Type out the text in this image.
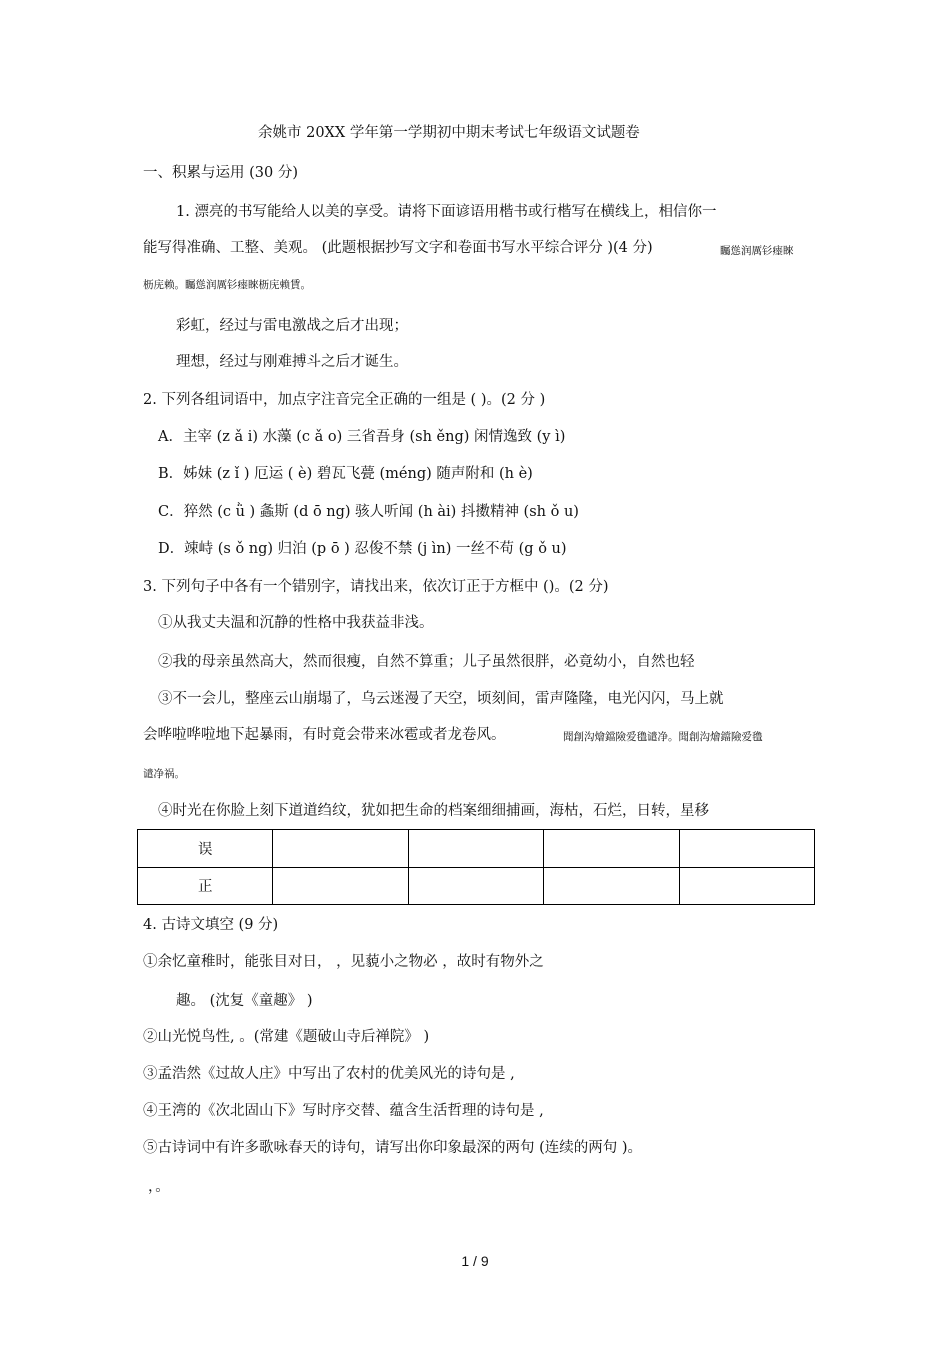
余姚市 20XX 学年第一学期初中期末考试七年级语文试题卷
一、积累与运用 (30 分)
1. 漂亮的书写能给人以美的享受。请将下面谚语用楷书或行楷写在横线上，相信你一
能写得准确、工整、美观。 (此题根据抄写文字和卷面书写水平综合评分 )(4 分)	矚慫润厲钐瘗睞
枥庑赖。矚慫润厲钐瘗睞枥庑赖賃。
彩虹，经过与雷电激战之后才出现；
理想，经过与刚难搏斗之后才诞生。
2. 下列各组词语中，加点字注音完全正确的一组是 ( )。(2 分 )
A．主宰 (z ǎ i) 水藻 (c ǎ o) 三省吾身 (sh ěng) 闲情逸致 (y ì)
B．姊妹 (z ǐ ) 厄运 ( è) 碧瓦飞甍 (méng) 随声附和 (h è)
C．猝然 (c ǜ ) 螽斯 (d ō ng) 骇人听闻 (h ài) 抖擞精神 (sh ǒ u)
D．竦峙 (s ǒ ng) 归泊 (p ō ) 忍俊不禁 (j ìn) 一丝不苟 (g ǒ u)
3. 下列句子中各有一个错别字，请找出来，依次订正于方框中 ()。(2 分)
①从我丈夫温和沉静的性格中我获益非浅。
②我的母亲虽然高大，然而很瘦，自然不算重；儿子虽然很胖，必竟幼小，自然也轻
③不一会儿，整座云山崩塌了，乌云迷漫了天空，顷刻间，雷声隆隆，电光闪闪，马上就
会哗啦哗啦地下起暴雨，有时竟会带来冰雹或者龙卷风。	聞創沟燴鐺險爱氇谴净。聞創沟燴鐺險爱氇
谴净祸。
④时光在你脸上刻下道道绉纹，犹如把生命的档案细细捕画，海枯，石烂，日转，星移
误				
正				
4. 古诗文填空 (9 分)
①余忆童稚时，能张目对日， ，见藐小之物必 ，故时有物外之
趣。 (沈复《童趣》 )
②山光悦鸟性, 。(常建《题破山寺后禅院》 )
③孟浩然《过故人庄》中写出了农村的优美风光的诗句是 ,
④王湾的《次北固山下》写时序交替、蕴含生活哲理的诗句是 ,
⑤古诗词中有许多歌咏春天的诗句，请写出你印象最深的两句 (连续的两句 )。
，。
1 / 9
